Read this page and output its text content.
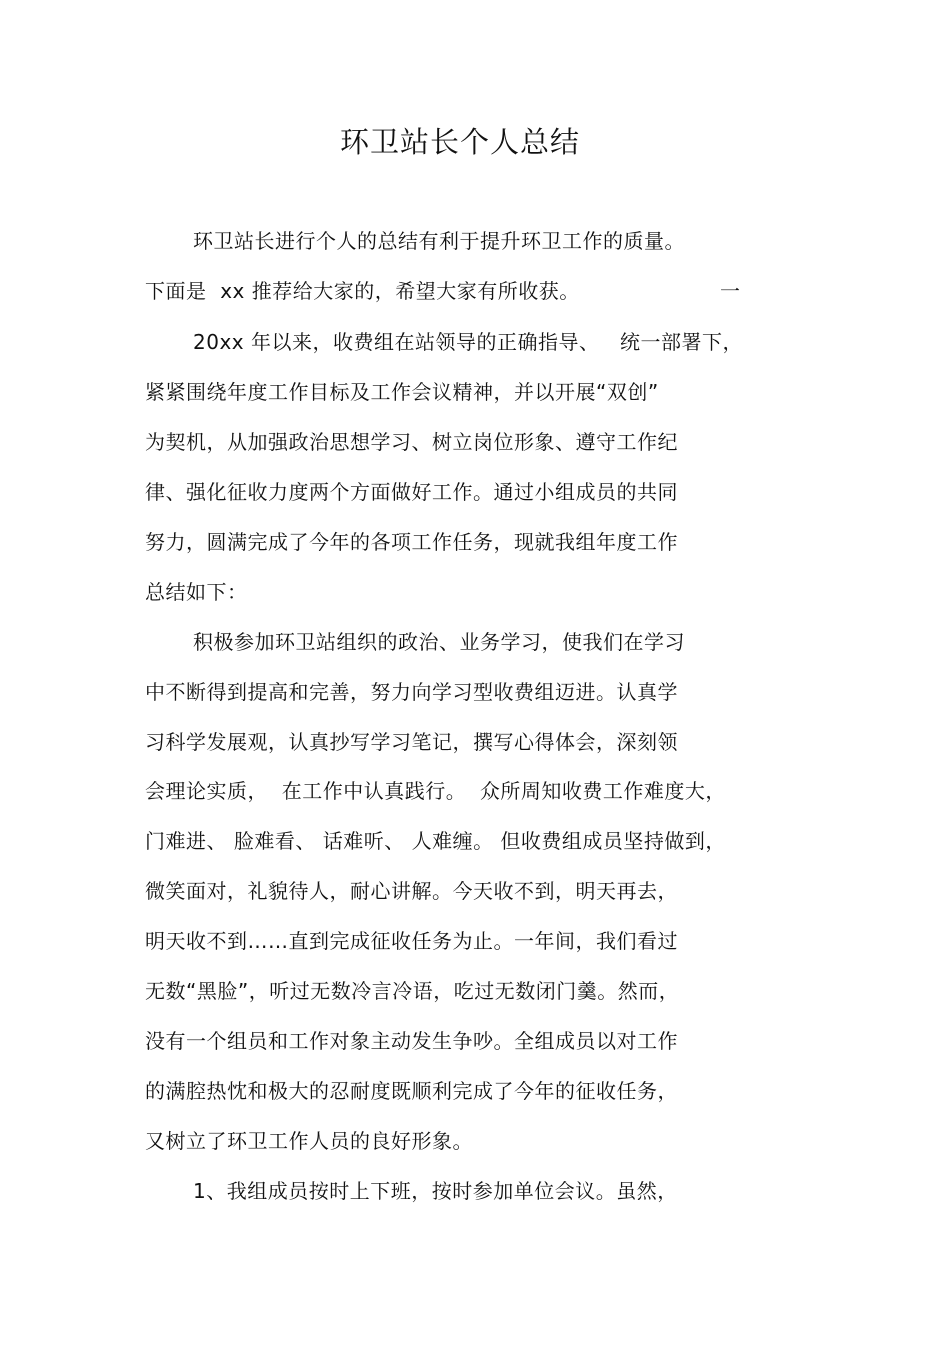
环卫站长个人总结
环卫站长进行个人的总结有利于提升环卫工作的质量。
下面是  xx 推荐给大家的，希望大家有所收获。	一
20xx 年以来，收费组在站领导的正确指导、   统一部署下，
紧紧围绕年度工作目标及工作会议精神，并以开展“双创”
为契机，从加强政治思想学习、树立岗位形象、遵守工作纪
律、强化征收力度两个方面做好工作。通过小组成员的共同
努力，圆满完成了今年的各项工作任务，现就我组年度工作
总结如下：
积极参加环卫站组织的政治、业务学习，使我们在学习
中不断得到提高和完善，努力向学习型收费组迈进。认真学
习科学发展观，认真抄写学习笔记，撰写心得体会，深刻领
会理论实质，  在工作中认真践行。  众所周知收费工作难度大，
门难进、 脸难看、 话难听、 人难缠。 但收费组成员坚持做到，
微笑面对，礼貌待人，耐心讲解。今天收不到，明天再去，
明天收不到……直到完成征收任务为止。一年间，我们看过
无数“黑脸”，听过无数冷言冷语，吃过无数闭门羹。然而，
没有一个组员和工作对象主动发生争吵。全组成员以对工作
的满腔热忱和极大的忍耐度既顺利完成了今年的征收任务，
又树立了环卫工作人员的良好形象。
1、我组成员按时上下班，按时参加单位会议。虽然，
